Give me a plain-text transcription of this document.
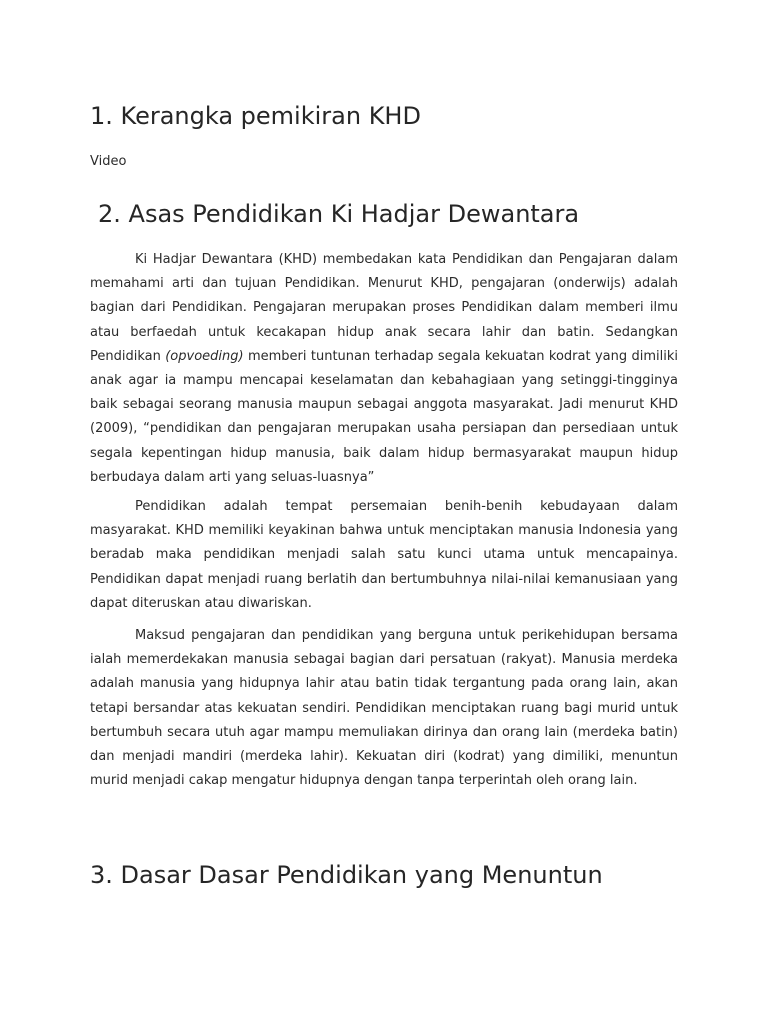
1. Kerangka pemikiran KHD

Video

2. Asas Pendidikan Ki Hadjar Dewantara

Ki Hadjar Dewantara (KHD) membedakan kata Pendidikan dan Pengajaran dalam memahami arti dan tujuan Pendidikan. Menurut KHD, pengajaran (onderwijs) adalah bagian dari Pendidikan. Pengajaran merupakan proses Pendidikan dalam memberi ilmu atau berfaedah untuk kecakapan hidup anak secara lahir dan batin. Sedangkan Pendidikan (opvoeding) memberi tuntunan terhadap segala kekuatan kodrat yang dimiliki anak agar ia mampu mencapai keselamatan dan kebahagiaan yang setinggi-tingginya baik sebagai seorang manusia maupun sebagai anggota masyarakat. Jadi menurut KHD (2009), “pendidikan dan pengajaran merupakan usaha persiapan dan persediaan untuk segala kepentingan hidup manusia, baik dalam hidup bermasyarakat maupun hidup berbudaya dalam arti yang seluas-luasnya”

Pendidikan adalah tempat persemaian benih-benih kebudayaan dalam masyarakat. KHD memiliki keyakinan bahwa untuk menciptakan manusia Indonesia yang beradab maka pendidikan menjadi salah satu kunci utama untuk mencapainya. Pendidikan dapat menjadi ruang berlatih dan bertumbuhnya nilai-nilai kemanusiaan yang dapat diteruskan atau diwariskan.

Maksud pengajaran dan pendidikan yang berguna untuk perikehidupan bersama ialah memerdekakan manusia sebagai bagian dari persatuan (rakyat). Manusia merdeka adalah manusia yang hidupnya lahir atau batin tidak tergantung pada orang lain, akan tetapi bersandar atas kekuatan sendiri. Pendidikan menciptakan ruang bagi murid untuk bertumbuh secara utuh agar mampu memuliakan dirinya dan orang lain (merdeka batin) dan menjadi mandiri (merdeka lahir). Kekuatan diri (kodrat) yang dimiliki, menuntun murid menjadi cakap mengatur hidupnya dengan tanpa terperintah oleh orang lain.

3. Dasar Dasar Pendidikan yang Menuntun
